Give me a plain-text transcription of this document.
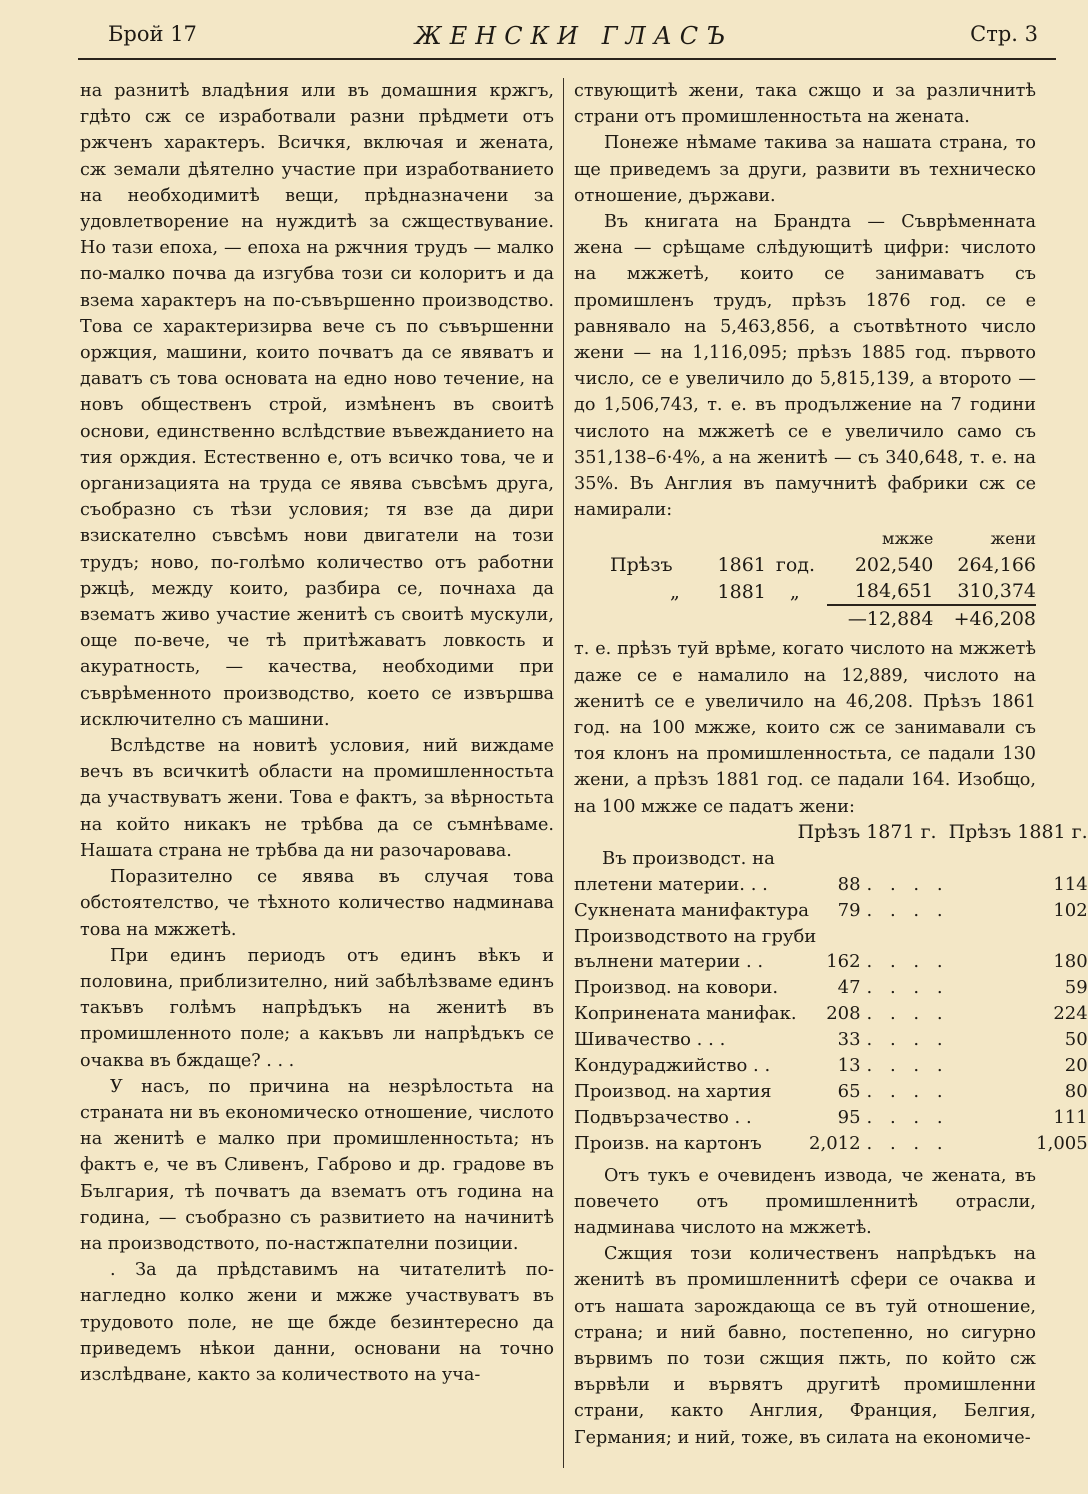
Брой 17	ЖЕНСКИ ГЛАСЪ	Стр. 3

на разнитѣ владѣния или въ домашния кржгъ, гдѣто сж се изработвали разни прѣдмети отъ ржченъ характеръ. Всичкя, включая и жената, сж земали дѣятелно участие при изработванието на необходимитѣ вещи, прѣдназначени за удовлетворение на нуждитѣ за сжществувание. Но тази епоха, — епоха на ржчния трудъ — малко по-малко почва да изгубва този си колоритъ и да взема характеръ на по-съвършенно производство. Това се характеризирва вече съ по съвършенни оржция, машини, които почватъ да се явяватъ и даватъ съ това основата на едно ново течение, на новъ общественъ строй, измѣненъ въ своитѣ основи, единственно вслѣдствие въвежданието на тия орждия. Естественно е, отъ всичко това, че и организацията на труда се явява съвсѣмъ друга, съобразно съ тѣзи условия; тя взе да дири взискателно съвсѣмъ нови двигатели на този трудъ; ново, по-голѣмо количество отъ работни ржцѣ, между които, разбира се, почнаха да взематъ живо участие женитѣ съ своитѣ мускули, още по-вече, че тѣ притѣжаватъ ловкость и акуратность, — качества, необходими при съврѣменното производство, което се извършва исключително съ машини.

Вслѣдствe на новитѣ условия, ний виждаме вечъ въ всичкитѣ области на промишленностьта да участвуватъ жени. Това е фактъ, за вѣрностьта на който никакъ не трѣбва да се съмнѣваме. Нашата страна не трѣбва да ни разочаровава.

Поразително се явява въ случая това обстоятелство, че тѣхното количество надминава това на мжжетѣ.

При единъ периодъ отъ единъ вѣкъ и половина, приблизително, ний забѣлѣзваме единъ такъвъ голѣмъ напрѣдъкъ на женитѣ въ промишленното поле; а какъвъ ли напрѣдъкъ се очаква въ бждаще? . . .

У насъ, по причина на незрѣлостьта на страната ни въ економическо отношение, числото на женитѣ е малко при промишленностьта; нъ фактъ е, че въ Сливенъ, Габрово и др. градове въ България, тѣ почватъ да взематъ отъ година на година, — съобразно съ развитието на начинитѣ на производството, по-настжпателни позиции.

. За да прѣдставимъ на читателитѣ по-нагледно колко жени и мжже участвуватъ въ трудовото поле, не ще бжде безинтересно да приведемъ нѣкои данни, основани на точно изслѣдване, както за количеството на уча-

ствующитѣ жени, така сжщо и за различнитѣ страни отъ промишленностьта на жената.

Понеже нѣмаме такива за нашата страна, то ще приведемъ за други, развити въ техническо отношение, държави.

Въ книгата на Брандта — Съврѣменната жена — срѣщаме слѣдующитѣ цифри: числото на мжжетѣ, които се занимаватъ съ промишленъ трудъ, прѣзъ 1876 год. се е равнявало на 5,463,856, а съотвѣтното число жени — на 1,116,095; прѣзъ 1885 год. първото число, се е увеличило до 5,815,139, а второто — до 1,506,743, т. е. въ продължение на 7 години числото на мжжетѣ се е увеличило само съ 351,138–6·4%, а на женитѣ — съ 340,648, т. е. на 35%. Въ Англия въ памучнитѣ фабрики сж се намирали:

			мжже	жени
Прѣзъ	1861	год.	202,540	264,166
„	1881	„	184,651	310,374
			—12,884	+46,208

т. е. прѣзъ туй врѣме, когато числото на мжжетѣ даже се е намалило на 12,889, числото на женитѣ се е увеличило на 46,208. Прѣзъ 1861 год. на 100 мжже, които сж се занимавали съ тоя клонъ на промишленностьта, се падали 130 жени, а прѣзъ 1881 год. се падали 164. Изобщо, на 100 мжже се падатъ жени:

Прѣзъ 1871 г.			Прѣзъ 1881 г.
Въ производст. на			
плетени материи. . .	88	. . . .	114
Сукнената манифактура	79	. . . .	102
Производството на груби			
вълнени материи . .	162	. . . .	180
Производ. на ковори.	47	. . . .	59
Копринената манифак.	208	. . . .	224
Шивачество . . .	33	. . . .	50
Кондураджийство . .	13	. . . .	20
Производ. на хартия	65	. . . .	80
Подвързачество . .	95	. . . .	111
Произв. на картонъ	2,012	. . . .	1,005

Отъ тукъ е очевиденъ извода, че жената, въ повечето отъ промишленнитѣ отрасли, надминава числото на мжжетѣ.

Сжщия този количественъ напрѣдъкъ на женитѣ въ промишленнитѣ сфери се очаква и отъ нашата зарождающа се въ туй отношение, страна; и ний бавно, постепенно, но сигурно вървимъ по този сжщия пжть, по който сж вървѣли и вървятъ другитѣ промишленни страни, както Англия, Франция, Белгия, Германия; и ний, тоже, въ силата на економиче-
